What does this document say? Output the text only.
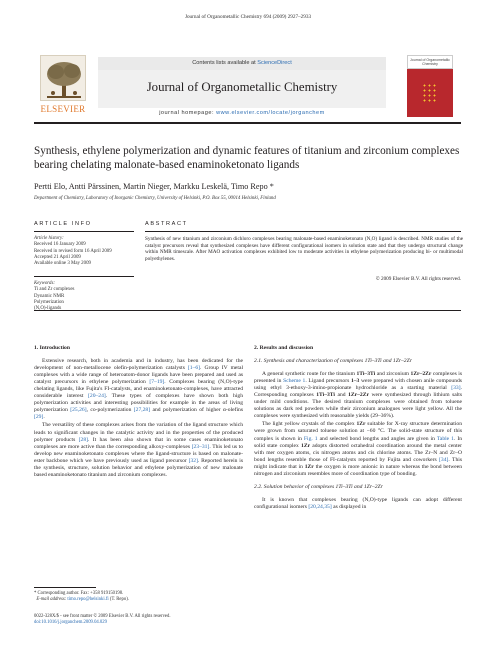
Journal of Organometallic Chemistry 694 (2009) 2927–2933
ELSEVIER
Contents lists available at ScienceDirect
Journal of Organometallic Chemistry
journal homepage: www.elsevier.com/locate/jorganchem
Journal of Organometallic Chemistry
Synthesis, ethylene polymerization and dynamic features of titanium and zirconium complexes bearing chelating malonate-based enaminoketonato ligands
Pertti Elo, Antti Pärssinen, Martin Nieger, Markku Leskelä, Timo Repo *
Department of Chemistry, Laboratory of Inorganic Chemistry, University of Helsinki, P.O. Box 55, 00014 Helsinki, Finland
ARTICLE INFO	ABSTRACT
Article history:
Received 16 January 2009
Received in revised form 16 April 2009
Accepted 21 April 2009
Available online 3 May 2009
Keywords:
Ti and Zr complexes
Dynamic NMR
Polymerization
(N,O)-ligands
Synthesis of new titanium and zirconium dichloro complexes bearing malonate-based enaminoketonato (N,O) ligand is described. NMR studies of the catalyst precursors reveal that synthesized complexes have different configurational isomers in solution state and that they undergo structural change within NMR timescale. After MAO activation complexes exhibited low to moderate activities in ethylene polymerization producing bi- or multimodal polyethylenes.
© 2009 Elsevier B.V. All rights reserved.
1. Introduction

Extensive research, both in academia and in industry, has been dedicated for the development of non-metallocene olefin-polymerization catalysts [1–6]. Group IV metal complexes with a wide range of heteroatom-donor ligands have been prepared and used as catalyst precursors in ethylene polymerization [7–19]. Complexes bearing (N,O)-type chelating ligands, like Fujita's FI-catalysts, and enaminoketonato-complexes, have attracted considerable interest [20–24]. These types of complexes have shown both high polymerization activities and interesting possibilities for example in the areas of living polymerization [25,26], co-polymerization [27,28] and polymerization of higher α-olefins [29].

The versatility of these complexes arises from the variation of the ligand structure which leads to significant changes in the catalytic activity and in the properties of the produced polymer products [28]. It has been also shown that in some cases enaminoketonato complexes are more active than the corresponding alkoxy-complexes [23–31]. This led us to develop new enaminoketonato complexes where the ligand-structure is based on malonate-ester backbone which we have previously used as ligand precursor [32]. Reported herein is the synthesis, structure, solution behavior and ethylene polymerization of new malonate based enaminoketonato titanium and zirconium complexes.

2. Results and discussion
2.1. Synthesis and characterization of complexes 1Ti–3Ti and 1Zr–2Zr

A general synthetic route for the titanium 1Ti–3Ti and zirconium 1Zr–2Zr complexes is presented in Scheme 1. Ligand precursors 1–3 were prepared with chosen anile compounds using ethyl 3-ethoxy-3-imino-propionate hydrochloride as a starting material [33]. Corresponding complexes 1Ti–3Ti and 1Zr–2Zr were synthesized through lithium salts under mild conditions. The desired titanium complexes were obtained from toluene solutions as dark red powders while their zirconium analogues were light yellow. All the complexes were synthesized with reasonable yields (29–36%).

The light yellow crystals of the complex 1Zr suitable for X-ray structure determination were grown from saturated toluene solution at −60 °C. The solid-state structure of this complex is shown in Fig. 1 and selected bond lengths and angles are given in Table 1. In solid state complex 1Zr adopts distorted octahedral coordination around the metal center with mer oxygen atoms, cis nitrogen atoms and cis chlorine atoms. The Zr–N and Zr–O bond lengths resemble those of FI-catalysts reported by Fujita and coworkers [34]. This might indicate that in 1Zr the oxygen is more anionic in nature whereas the bond between nitrogen and zirconium resembles more of coordination type of bonding.

2.2. Solution behavior of complexes 1Ti–3Ti and 1Zr–2Zr

It is known that complexes bearing (N,O)-type ligands can adopt different configurational isomers [20,24,35] as displayed in

* Corresponding author. Fax: +358 919150198.
E-mail address: timo.repo@helsinki.fi (T. Repo).
0022-328X/$ - see front matter © 2009 Elsevier B.V. All rights reserved.
doi:10.1016/j.jorganchem.2009.04.029
